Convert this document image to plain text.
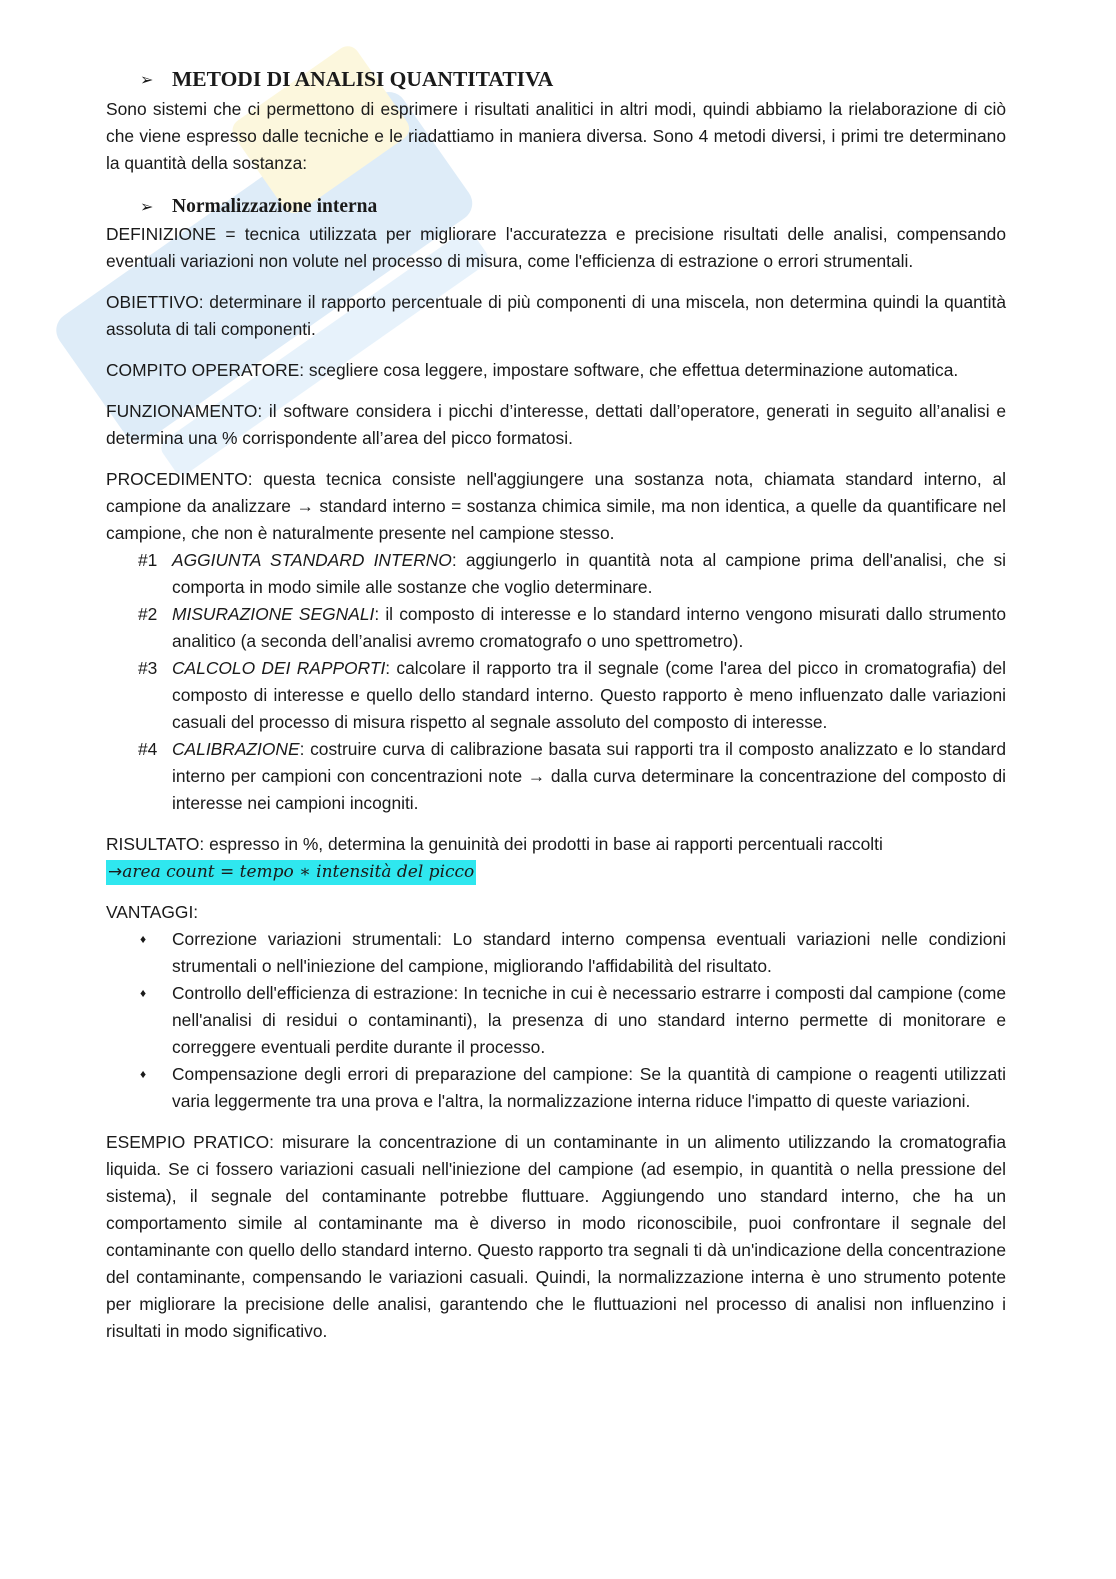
➢ METODI DI ANALISI QUANTITATIVA

Sono sistemi che ci permettono di esprimere i risultati analitici in altri modi, quindi abbiamo la rielaborazione di ciò che viene espresso dalle tecniche e le riadattiamo in maniera diversa. Sono 4 metodi diversi, i primi tre determinano la quantità della sostanza:

➢ Normalizzazione interna

DEFINIZIONE = tecnica utilizzata per migliorare l'accuratezza e precisione risultati delle analisi, compensando eventuali variazioni non volute nel processo di misura, come l'efficienza di estrazione o errori strumentali.

OBIETTIVO: determinare il rapporto percentuale di più componenti di una miscela, non determina quindi la quantità assoluta di tali componenti.

COMPITO OPERATORE: scegliere cosa leggere, impostare software, che effettua determinazione automatica.

FUNZIONAMENTO: il software considera i picchi d’interesse, dettati dall’operatore, generati in seguito all’analisi e determina una % corrispondente all’area del picco formatosi.

PROCEDIMENTO: questa tecnica consiste nell'aggiungere una sostanza nota, chiamata standard interno, al campione da analizzare → standard interno = sostanza chimica simile, ma non identica, a quelle da quantificare nel campione, che non è naturalmente presente nel campione stesso.

#1 AGGIUNTA STANDARD INTERNO: aggiungerlo in quantità nota al campione prima dell'analisi, che si comporta in modo simile alle sostanze che voglio determinare.
#2 MISURAZIONE SEGNALI: il composto di interesse e lo standard interno vengono misurati dallo strumento analitico (a seconda dell’analisi avremo cromatografo o uno spettrometro).
#3 CALCOLO DEI RAPPORTI: calcolare il rapporto tra il segnale (come l'area del picco in cromatografia) del composto di interesse e quello dello standard interno. Questo rapporto è meno influenzato dalle variazioni casuali del processo di misura rispetto al segnale assoluto del composto di interesse.
#4 CALIBRAZIONE: costruire curva di calibrazione basata sui rapporti tra il composto analizzato e lo standard interno per campioni con concentrazioni note → dalla curva determinare la concentrazione del composto di interesse nei campioni incogniti.

RISULTATO: espresso in %, determina la genuinità dei prodotti in base ai rapporti percentuali raccolti

→area count = tempo ∗ intensità del picco

VANTAGGI:

♦	Correzione variazioni strumentali: Lo standard interno compensa eventuali variazioni nelle condizioni strumentali o nell'iniezione del campione, migliorando l'affidabilità del risultato.
♦	Controllo dell'efficienza di estrazione: In tecniche in cui è necessario estrarre i composti dal campione (come nell'analisi di residui o contaminanti), la presenza di uno standard interno permette di monitorare e correggere eventuali perdite durante il processo.
♦	Compensazione degli errori di preparazione del campione: Se la quantità di campione o reagenti utilizzati varia leggermente tra una prova e l'altra, la normalizzazione interna riduce l'impatto di queste variazioni.

ESEMPIO PRATICO: misurare la concentrazione di un contaminante in un alimento utilizzando la cromatografia liquida. Se ci fossero variazioni casuali nell'iniezione del campione (ad esempio, in quantità o nella pressione del sistema), il segnale del contaminante potrebbe fluttuare. Aggiungendo uno standard interno, che ha un comportamento simile al contaminante ma è diverso in modo riconoscibile, puoi confrontare il segnale del contaminante con quello dello standard interno. Questo rapporto tra segnali ti dà un'indicazione della concentrazione del contaminante, compensando le variazioni casuali. Quindi, la normalizzazione interna è uno strumento potente per migliorare la precisione delle analisi, garantendo che le fluttuazioni nel processo di analisi non influenzino i risultati in modo significativo.
